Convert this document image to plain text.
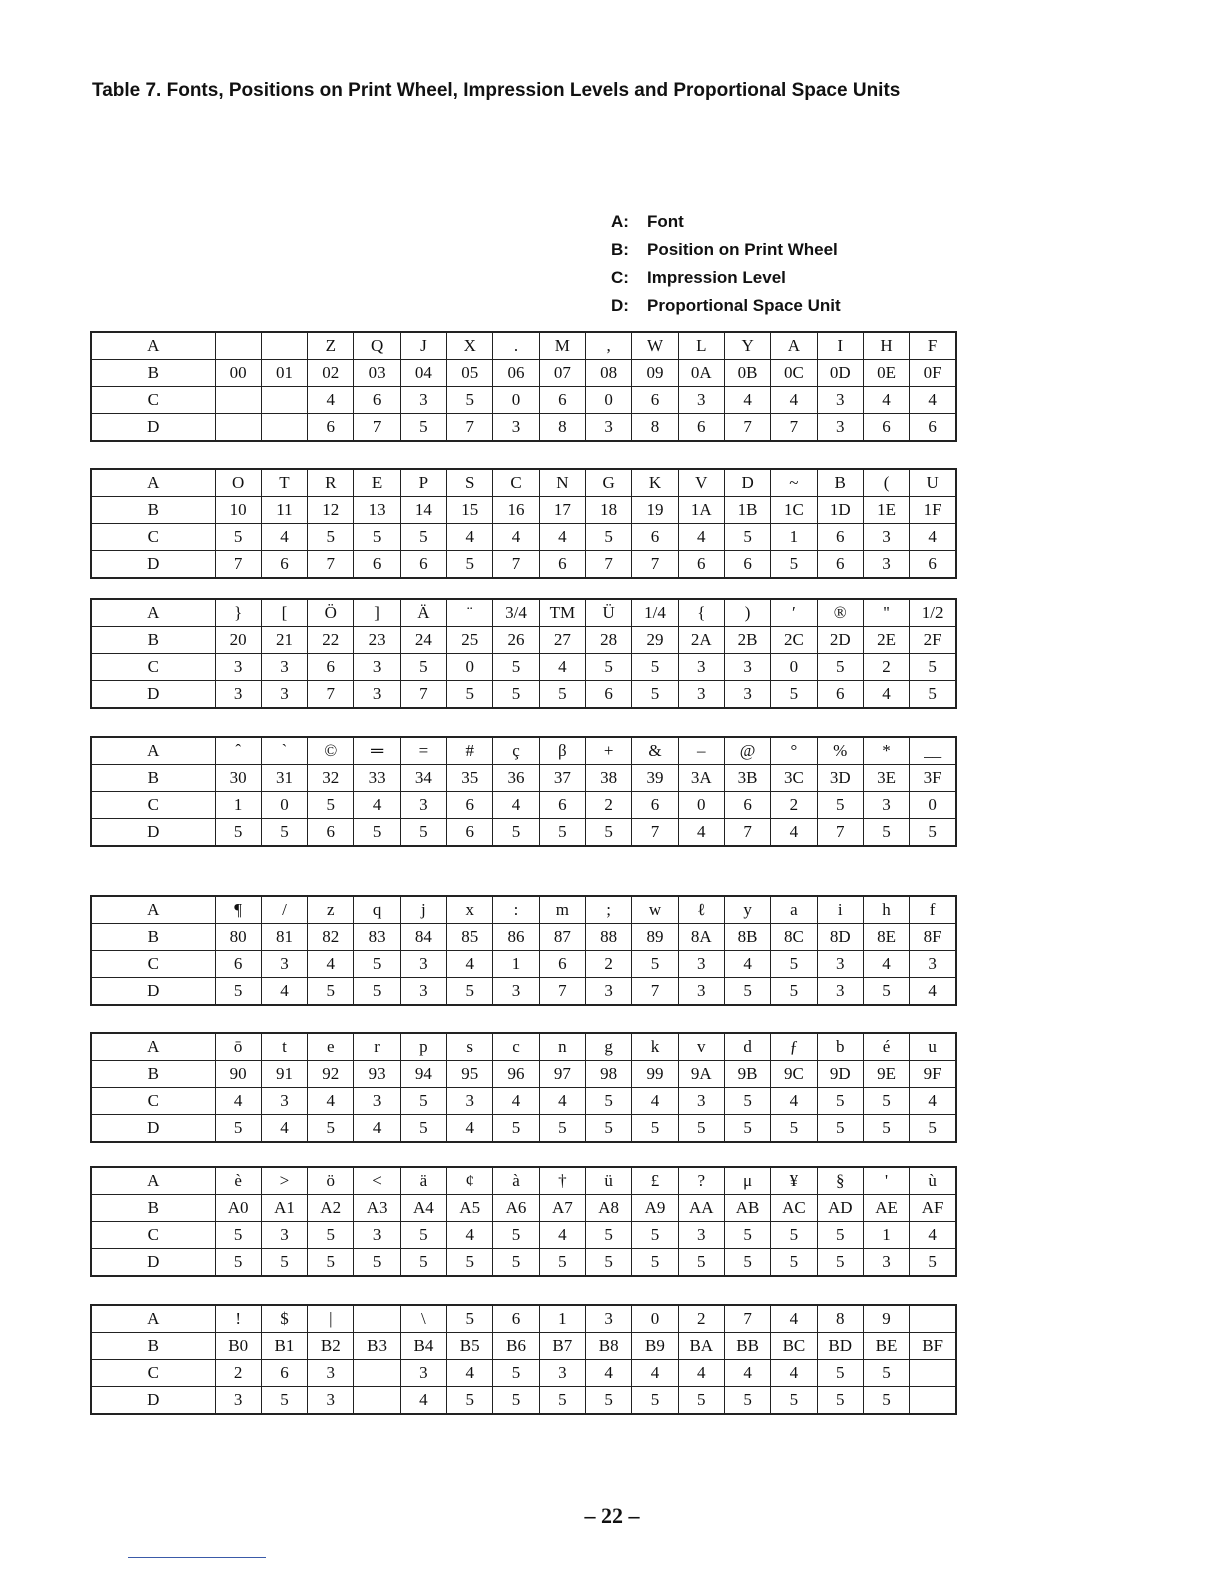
Table 7. Fonts, Positions on Print Wheel, Impression Levels and Proportional Space Units
A: Font
B: Position on Print Wheel
C: Impression Level
D: Proportional Space Unit
A			Z	Q	J	X	.	M	,	W	L	Y	A	I	H	F
B	00	01	02	03	04	05	06	07	08	09	0A	0B	0C	0D	0E	0F
C			4	6	3	5	0	6	0	6	3	4	4	3	4	4
D			6	7	5	7	3	8	3	8	6	7	7	3	6	6
A	O	T	R	E	P	S	C	N	G	K	V	D	~	B	(	U
B	10	11	12	13	14	15	16	17	18	19	1A	1B	1C	1D	1E	1F
C	5	4	5	5	5	4	4	4	5	6	4	5	1	6	3	4
D	7	6	7	6	6	5	7	6	7	7	6	6	5	6	3	6
A	}	[	Ö	]	Ä	¨	3/4	TM	Ü	1/4	{	)	′	®	''	1/2
B	20	21	22	23	24	25	26	27	28	29	2A	2B	2C	2D	2E	2F
C	3	3	6	3	5	0	5	4	5	5	3	3	0	5	2	5
D	3	3	7	3	7	5	5	5	6	5	3	3	5	6	4	5
A	ˆ	`	©	═	=	#	ç	β	+	&	–	@	°	%	*	__
B	30	31	32	33	34	35	36	37	38	39	3A	3B	3C	3D	3E	3F
C	1	0	5	4	3	6	4	6	2	6	0	6	2	5	3	0
D	5	5	6	5	5	6	5	5	5	7	4	7	4	7	5	5
A	¶	/	z	q	j	x	:	m	;	w	ℓ	y	a	i	h	f
B	80	81	82	83	84	85	86	87	88	89	8A	8B	8C	8D	8E	8F
C	6	3	4	5	3	4	1	6	2	5	3	4	5	3	4	3
D	5	4	5	5	3	5	3	7	3	7	3	5	5	3	5	4
A	ō	t	e	r	p	s	c	n	g	k	v	d	ƒ	b	é	u
B	90	91	92	93	94	95	96	97	98	99	9A	9B	9C	9D	9E	9F
C	4	3	4	3	5	3	4	4	5	4	3	5	4	5	5	4
D	5	4	5	4	5	4	5	5	5	5	5	5	5	5	5	5
A	è	>	ö	<	ä	¢	à	†	ü	£	?	μ	¥	§	'	ù
B	A0	A1	A2	A3	A4	A5	A6	A7	A8	A9	AA	AB	AC	AD	AE	AF
C	5	3	5	3	5	4	5	4	5	5	3	5	5	5	1	4
D	5	5	5	5	5	5	5	5	5	5	5	5	5	5	3	5
A	!	$	|		\	5	6	1	3	0	2	7	4	8	9	
B	B0	B1	B2	B3	B4	B5	B6	B7	B8	B9	BA	BB	BC	BD	BE	BF
C	2	6	3		3	4	5	3	4	4	4	4	4	5	5	
D	3	5	3		4	5	5	5	5	5	5	5	5	5	5	
– 22 –
